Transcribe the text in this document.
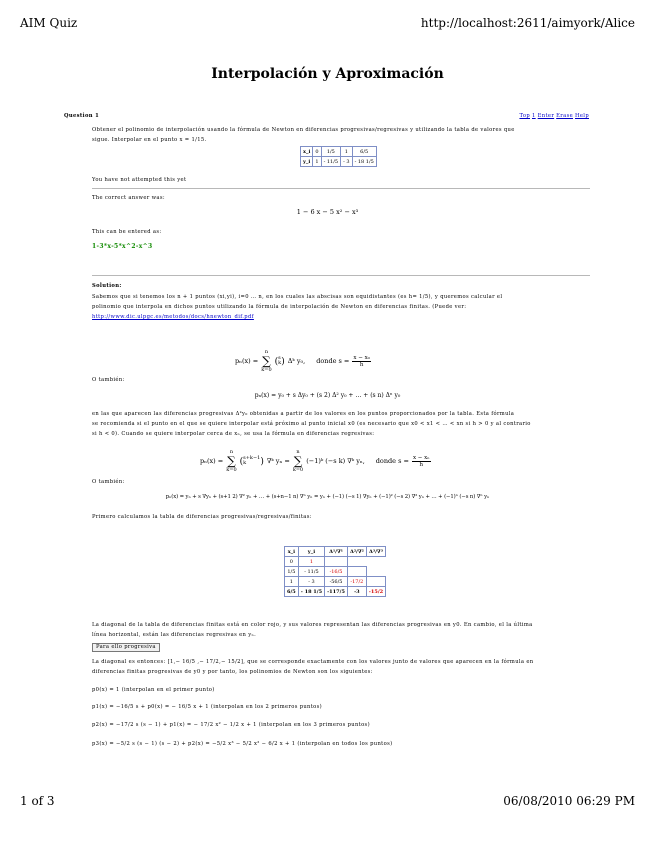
AIM Quiz	http://localhost:2611/aimyork/Alice
1 of 3	06/08/2010 06:29 PM
Interpolación y Aproximación
Question 1	Top 1 Enter Erase Help
Obtener el polinomio de interpolación usando la fórmula de Newton en diferencias progresivas/regresivas y utilizando la tabla de valores que
sigue. Interpolar en el punto x = 1/15.
x_i	0	1/5	1	6/5
y_i	1	- 11/5	- 3	- 18 1/5
You have not attempted this yet
The correct answer was:
1 − 6 x − 5 x² − x³
This can be entered as:
1-3*x-5*x^2-x^3
Solution:
Sabemos que si tenemos los n + 1 puntos (xi,yi), i=0 … n, en los cuales las abscisas son equidistantes (es h= 1/5), y queremos calcular el
polinomio que interpola en dichos puntos utilizando la fórmula de interpolación de Newton en diferencias finitas. (Puede ver:
http://www.dic.ulpgc.es/metodos/docs/hnewton_dif.pdf
pₙ(x) =
n
∑
k=0
( s
k ) Δᵏ y₀, donde $s = \frac{\text{x − x₀}}{h}$
O también:
pₙ(x) = y₀ + s Δy₀ + (s 2) Δ² y₀ + … + (s n) Δⁿ y₀
en las que aparecen las diferencias progresivas Δᵏy₀ obtenidas a partir de los valores en los puntos proporcionados por la tabla. Esta fórmula
se recomienda si el punto en el que se quiere interpolar está próximo al punto inicial x0 (es necesario que x0 < x1 < … < xn si h > 0 y al contrario
si h < 0). Cuando se quiere interpolar cerca de xₙ, se usa la fórmula en diferencias regresivas:
pₙ(x) =
n
∑
k=0
( s+k−1
k	) ∇ᵏ yₙ =
n
∑
k=0
(−1)ᵏ (−s k) ∇ᵏ yₙ, donde $s = \frac{\text{x − xₙ}}{h}$
O también:
pₙ(x) = yₙ + s ∇yₙ + (s+1 2) ∇² yₙ + … + (s+n−1 n) ∇ⁿ yₙ = yₙ + (−1) (−s 1) ∇yₙ + (−1)² (−s 2) ∇² yₙ + … + (−1)ⁿ (−s n) ∇ⁿ yₙ
Primero calculamos la tabla de diferencias progresivas/regresivas/finitas:
x_i	y_i	Δ¹/∇¹	Δ²/∇²	Δ³/∇³
0	1			
1/5	- 11/5	-16/5		
1	- 3	-56/5	-17/2	
6/5	- 18 1/5	-117/5	-3	-15/2
La diagonal de la tabla de diferencias finitas está en color rojo, y sus valores representan las diferencias progresivas en y0. En cambio, el la última
línea horizontal, están las diferencias regresivas en yₙ.
Para ello progresiva
La diagonal es entonces: [1,− 16/5 ,− 17/2,− 15/2], que se corresponde exactamente con los valores junto de valores que aparecen en la fórmula en
diferencias finitas progresivas de y0 y por tanto, los polinomios de Newton son los siguientes:
p0(x) = 1 (interpolan en el primer punto)
p1(x) = −16/5 s + p0(x) = − 16/5 x + 1 (interpolan en los 2 primeros puntos)
p2(x) = −17/2 s (s − 1) + p1(x) = − 17/2 x² − 1/2 x + 1 (interpolan en los 3 primeros puntos)
p3(x) = −5/2 s (s − 1) (s − 2) + p2(x) = −5/2 x³ − 5/2 x² − 6/2 x + 1 (interpolan en todos los puntos)
